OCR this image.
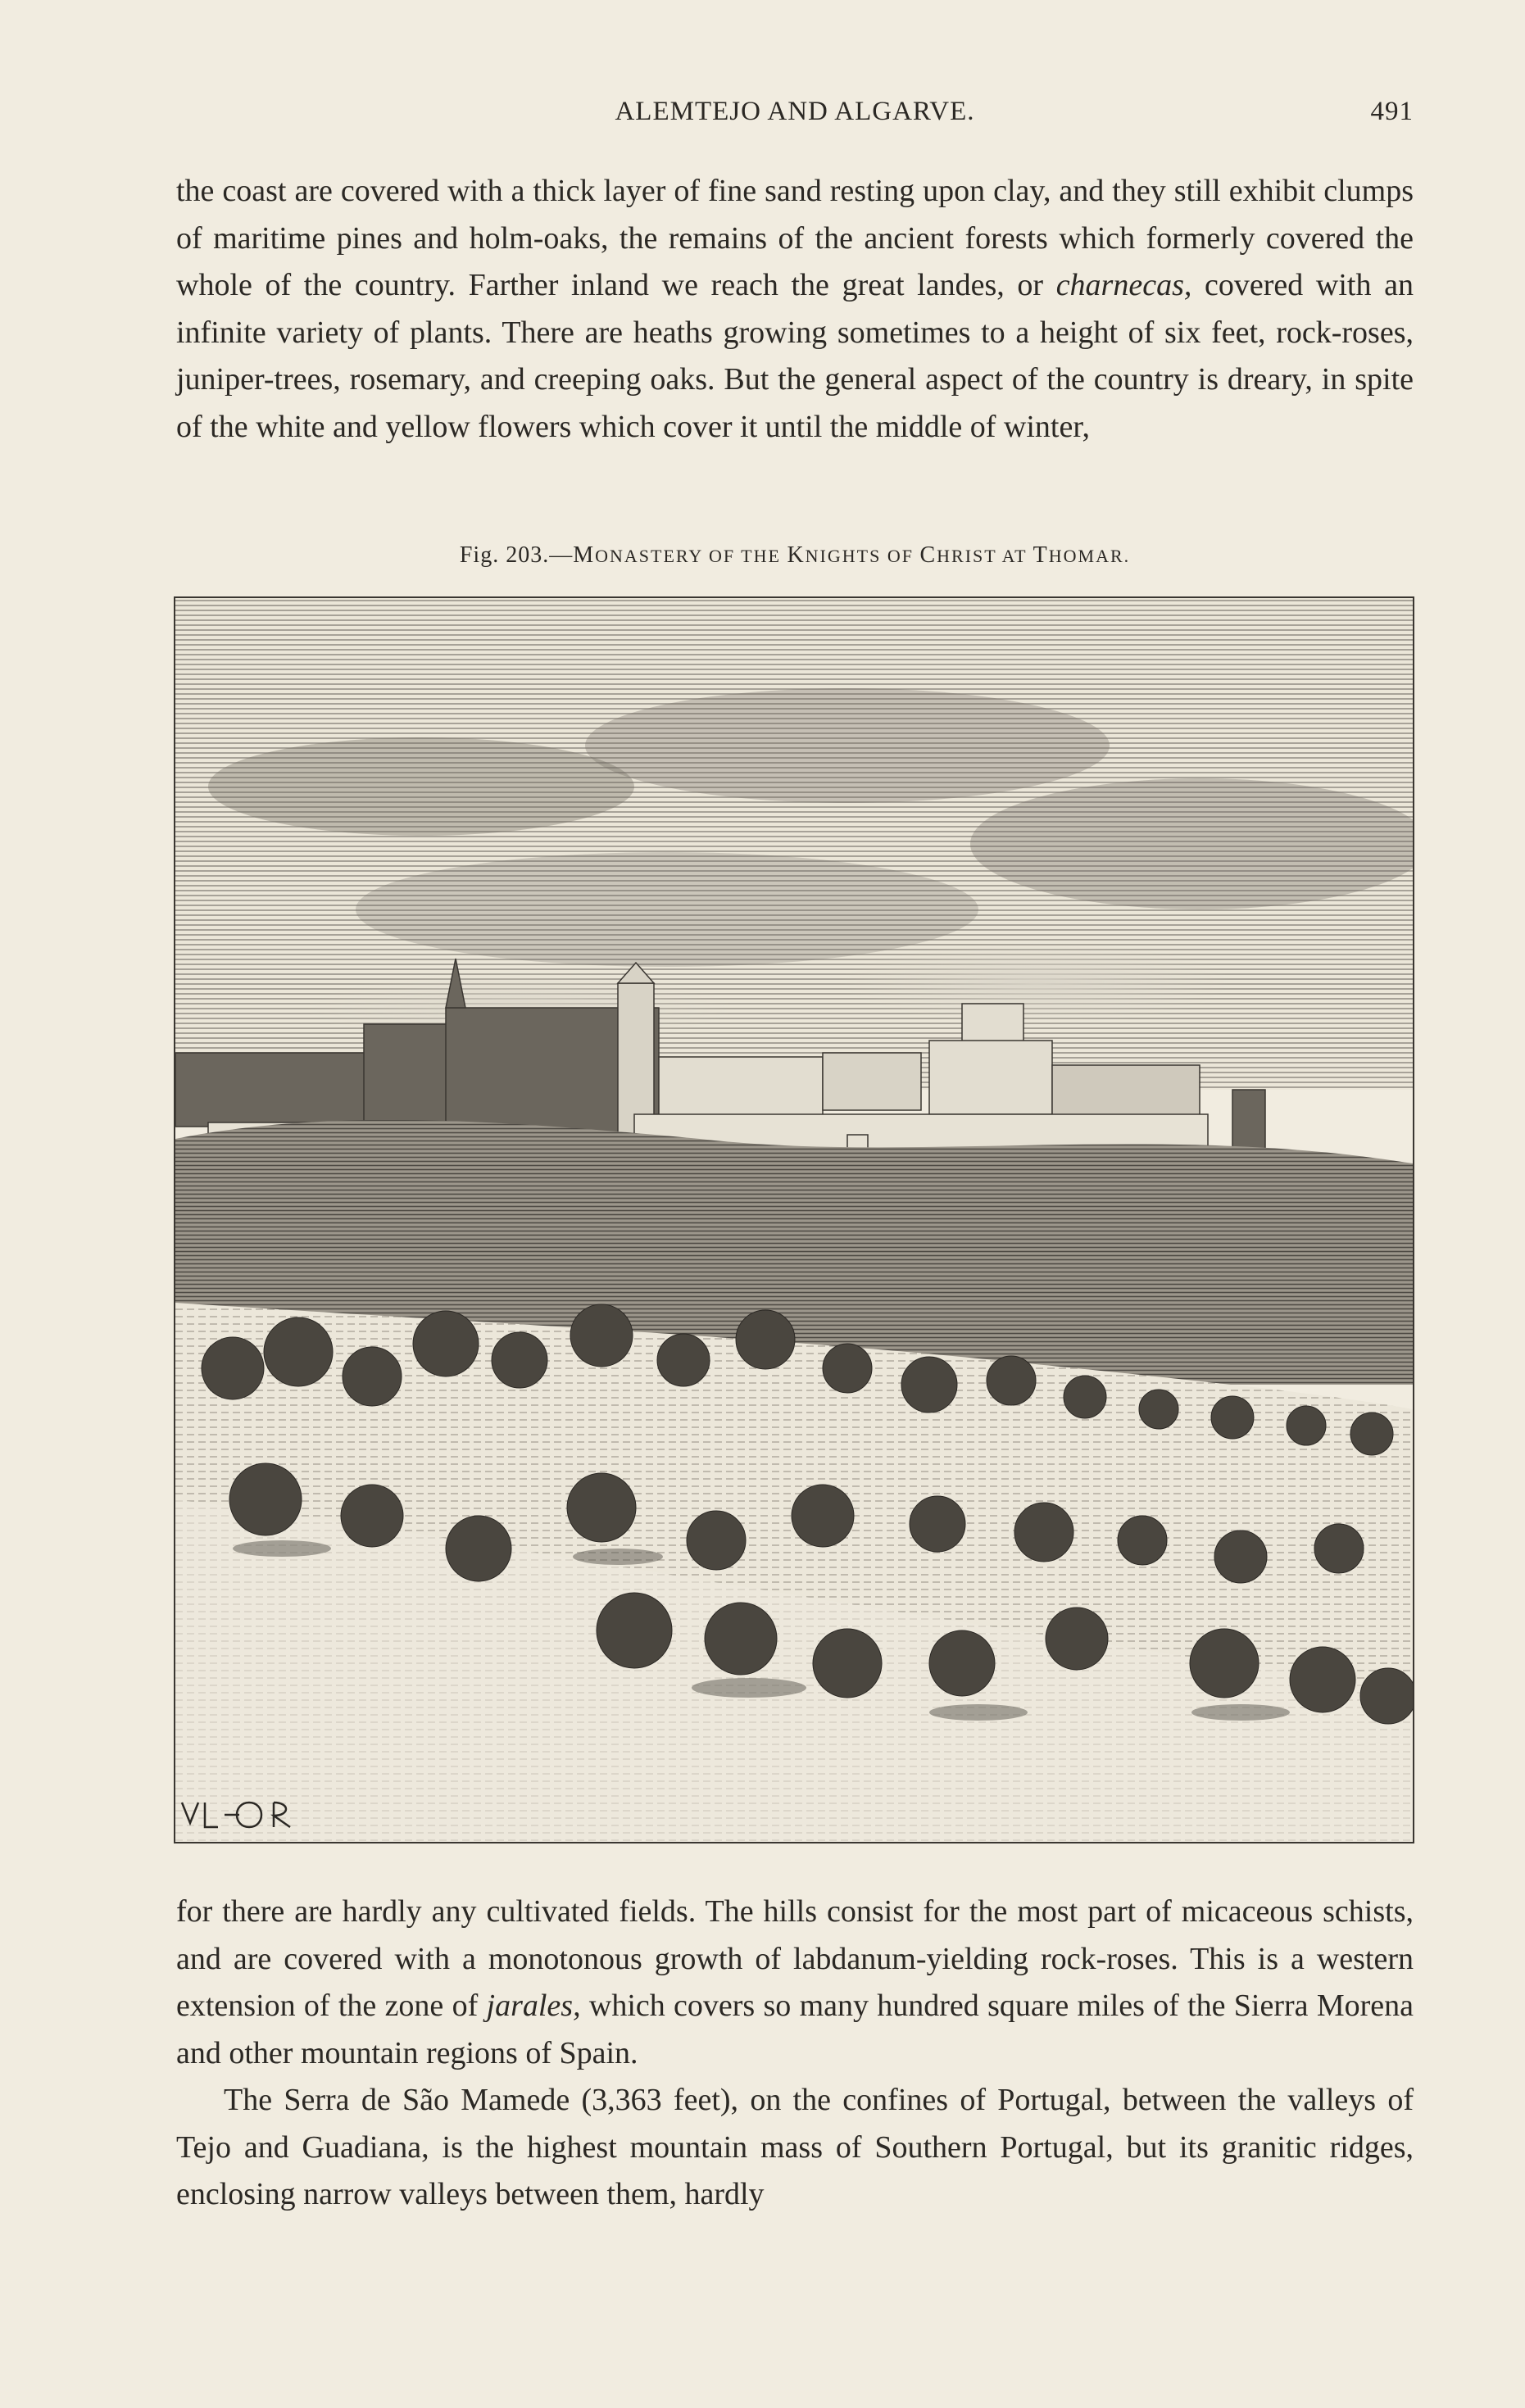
ALEMTEJO AND ALGARVE.	491

the coast are covered with a thick layer of fine sand resting upon clay, and they still exhibit clumps of maritime pines and holm-oaks, the remains of the ancient forests which formerly covered the whole of the country. Farther inland we reach the great landes, or charnecas, covered with an infinite variety of plants. There are heaths growing sometimes to a height of six feet, rock-roses, juniper-trees, rosemary, and creeping oaks. But the general aspect of the country is dreary, in spite of the white and yellow flowers which cover it until the middle of winter,

Fig. 203.—MONASTERY OF THE KNIGHTS OF CHRIST AT THOMAR.

for there are hardly any cultivated fields. The hills consist for the most part of micaceous schists, and are covered with a monotonous growth of labdanum-yielding rock-roses. This is a western extension of the zone of jarales, which covers so many hundred square miles of the Sierra Morena and other mountain regions of Spain.

The Serra de São Mamede (3,363 feet), on the confines of Portugal, between the valleys of Tejo and Guadiana, is the highest mountain mass of Southern Portugal, but its granitic ridges, enclosing narrow valleys between them, hardly
